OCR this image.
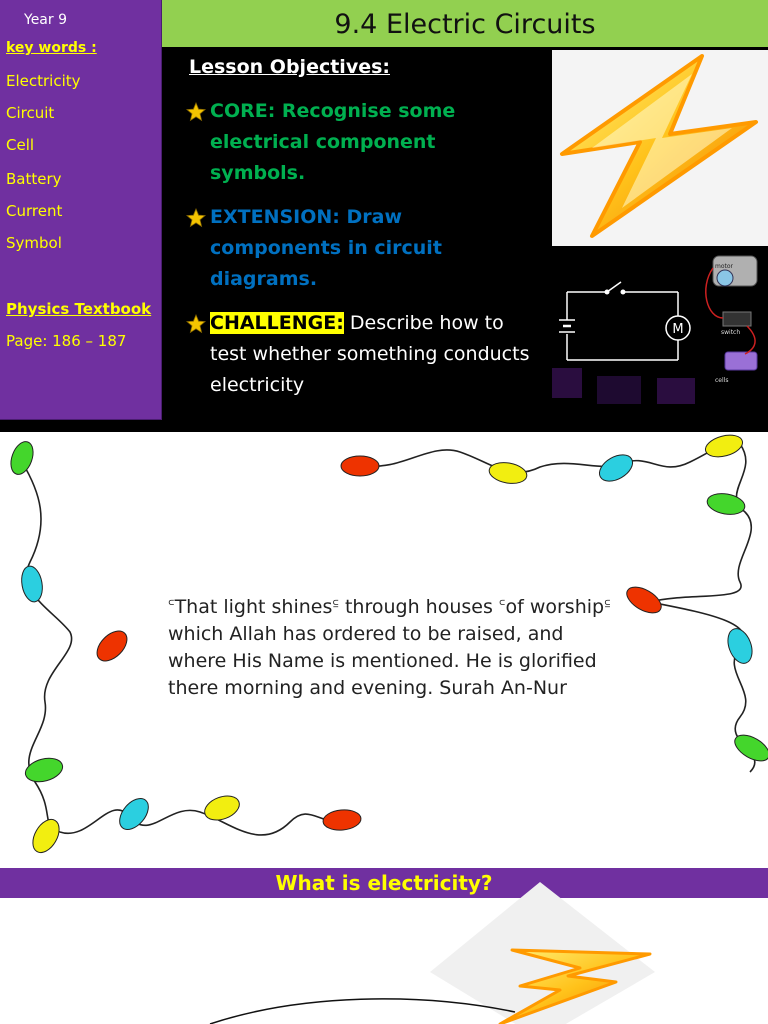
Year 9
key words :
Electricity
Circuit
Cell
Battery
Current
Symbol
Physics Textbook
Page: 186 – 187
9.4 Electric Circuits
Lesson Objectives:
CORE: Recognise some electrical component symbols.
EXTENSION: Draw components in circuit diagrams.
CHALLENGE: Describe how to test whether something conducts electricity
M
motor
switch
cells
꜂That light shines꜃ through houses ꜂of worship꜃ which Allah has ordered to be raised, and where His Name is mentioned. He is glorified there morning and evening. Surah An-Nur
What is electricity?
